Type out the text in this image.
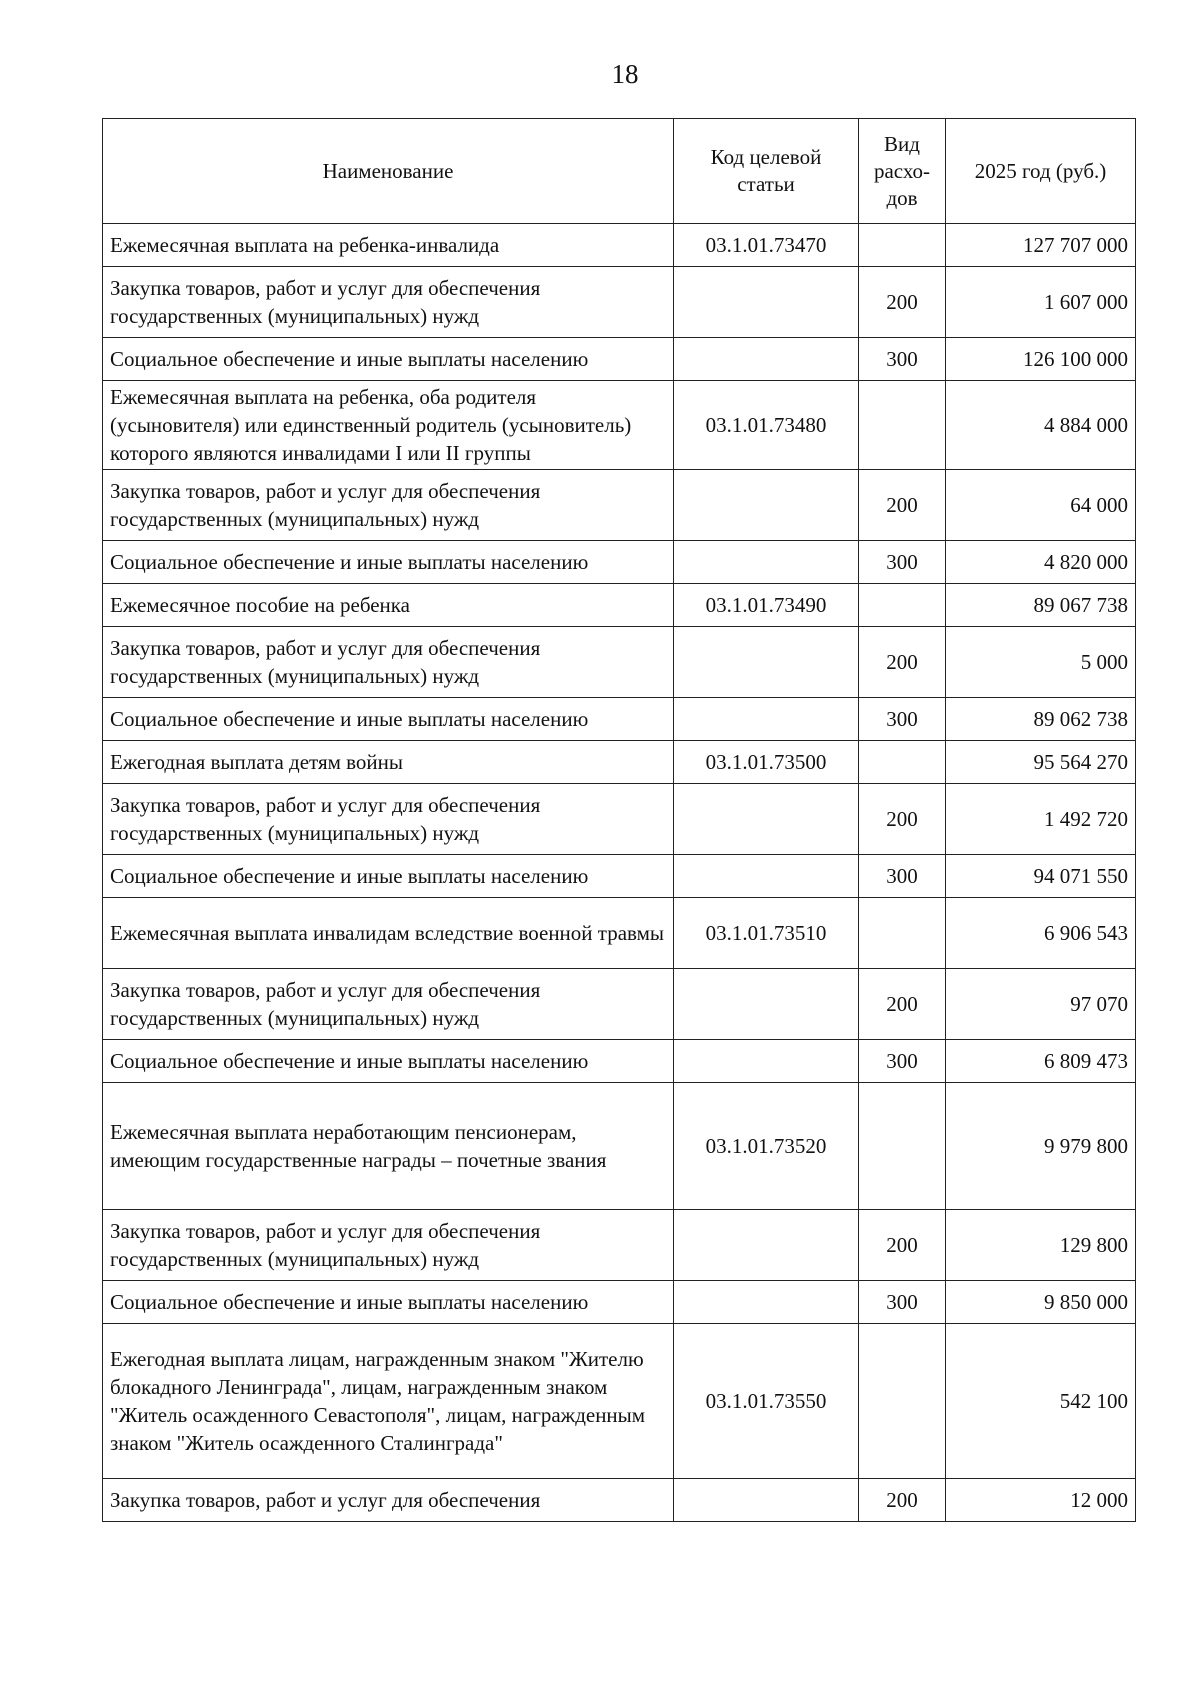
18
Наименование	Код целевой статьи	Вид расхо-дов	2025 год (руб.)
Ежемесячная выплата на ребенка-инвалида	03.1.01.73470		127 707 000
Закупка товаров, работ и услуг для обеспечения государственных (муниципальных) нужд		200	1 607 000
Социальное обеспечение и иные выплаты населению		300	126 100 000
Ежемесячная выплата на ребенка, оба родителя (усыновителя) или единственный родитель (усыновитель) которого являются инвалидами I или II группы	03.1.01.73480		4 884 000
Закупка товаров, работ и услуг для обеспечения государственных (муниципальных) нужд		200	64 000
Социальное обеспечение и иные выплаты населению		300	4 820 000
Ежемесячное пособие на ребенка	03.1.01.73490		89 067 738
Закупка товаров, работ и услуг для обеспечения государственных (муниципальных) нужд		200	5 000
Социальное обеспечение и иные выплаты населению		300	89 062 738
Ежегодная выплата детям войны	03.1.01.73500		95 564 270
Закупка товаров, работ и услуг для обеспечения государственных (муниципальных) нужд		200	1 492 720
Социальное обеспечение и иные выплаты населению		300	94 071 550
Ежемесячная выплата инвалидам вследствие военной травмы	03.1.01.73510		6 906 543
Закупка товаров, работ и услуг для обеспечения государственных (муниципальных) нужд		200	97 070
Социальное обеспечение и иные выплаты населению		300	6 809 473
Ежемесячная выплата неработающим пенсионерам, имеющим государственные награды – почетные звания	03.1.01.73520		9 979 800
Закупка товаров, работ и услуг для обеспечения государственных (муниципальных) нужд		200	129 800
Социальное обеспечение и иные выплаты населению		300	9 850 000
Ежегодная выплата лицам, награжденным знаком "Жителю блокадного Ленинграда", лицам, награжденным знаком "Житель осажденного Севастополя", лицам, награжденным знаком "Житель осажденного Сталинграда"	03.1.01.73550		542 100
Закупка товаров, работ и услуг для обеспечения		200	12 000
